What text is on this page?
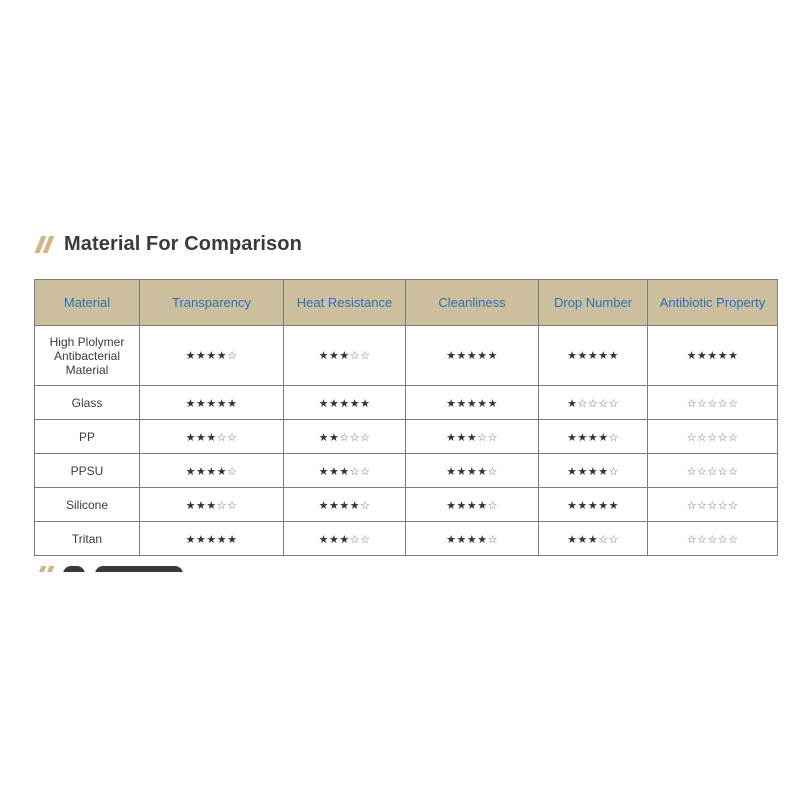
Material For Comparison
Material	Transparency	Heat Resistance	Cleanliness	Drop Number	Antibiotic Property
High Plolymer Antibacterial Material	★★★★☆	★★★☆☆	★★★★★	★★★★★	★★★★★
Glass	★★★★★	★★★★★	★★★★★	★☆☆☆☆	☆☆☆☆☆
PP	★★★☆☆	★★☆☆☆	★★★☆☆	★★★★☆	☆☆☆☆☆
PPSU	★★★★☆	★★★☆☆	★★★★☆	★★★★☆	☆☆☆☆☆
Silicone	★★★☆☆	★★★★☆	★★★★☆	★★★★★	☆☆☆☆☆
Tritan	★★★★★	★★★☆☆	★★★★☆	★★★☆☆	☆☆☆☆☆
